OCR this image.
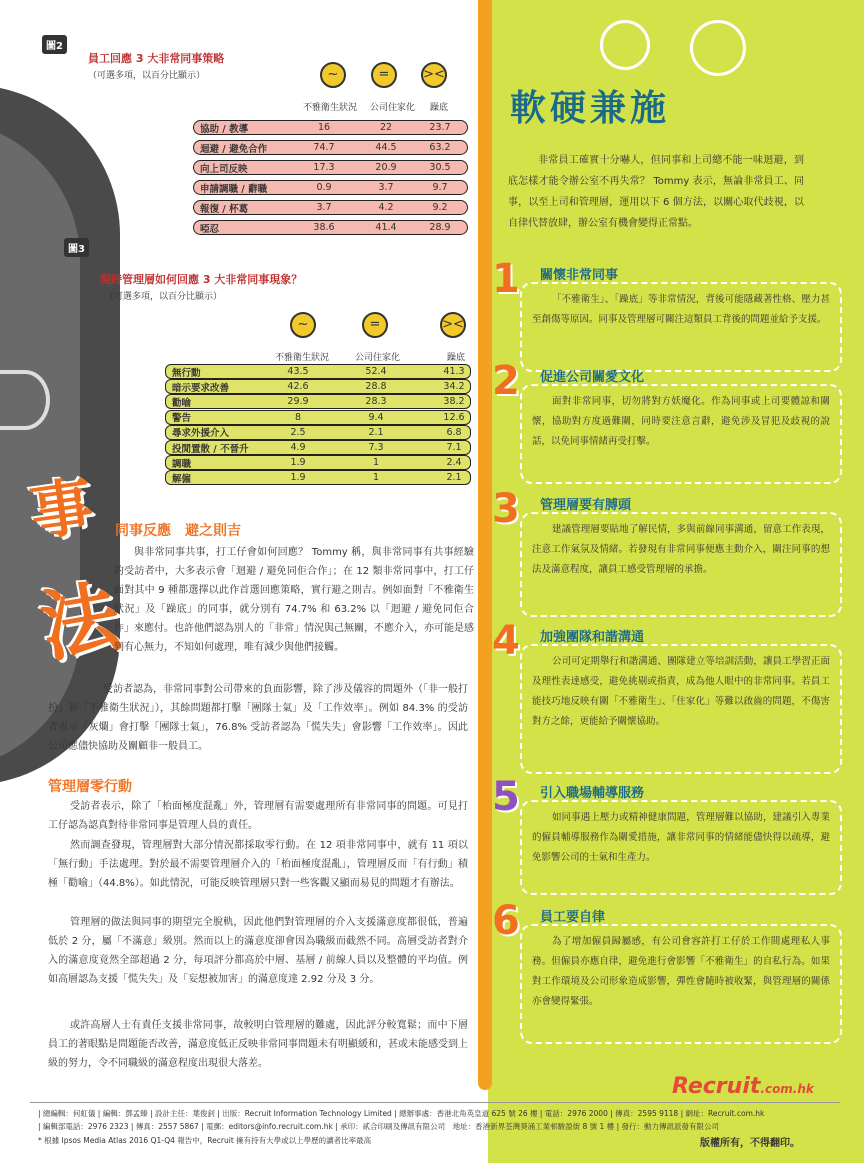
事
法
圖2
員工回應 3 大非常同事策略
（可選多項，以百分比顯示）	~	=	><
不雅衛生狀況 公司住家化 躁底
協助 / 教導	16	22	23.7
迴避 / 避免合作	74.7	44.5	63.2
向上司反映	17.3	20.9	30.5
申請調職 / 辭職	0.9	3.7	9.7
報復 / 杯葛	3.7	4.2	9.2
啞忍	38.6	41.4	28.9
圖3
現時管理層如何回應 3 大非常同事現象？
（可選多項，以百分比顯示）
~	=	><
不雅衛生狀況	公司住家化	躁底
無行動	43.5	52.4	41.3
暗示要求改善	42.6	28.8	34.2
勸喻	29.9	28.3	38.2
警告	8	9.4	12.6
尋求外援介入	2.5	2.1	6.8
投閒置散 / 不晉升	4.9	7.3	7.1
調職	1.9	1	2.4
解僱	1.9	1	2.1
同事反應　避之則吉
與非常同事共事，打工仔會如何回應？ Tommy 稱，與非常同事有共事經驗的受訪者中，大多表示會「迴避 / 避免同佢合作」；在 12 類非常同事中，打工仔面對其中 9 種都選擇以此作首選回應策略，實行避之則吉。例如面對「不雅衛生狀況」及「躁底」的同事，就分別有 74.7% 和 63.2% 以「迴避 / 避免同佢合作」來應付。也許他們認為別人的「非常」情況與己無關，不應介入，亦可能是感到有心無力，不知如何處理，唯有減少與他們接觸。
受訪者認為，非常同事對公司帶來的負面影響，除了涉及儀容的問題外（「非一般打扮」和「不雅衛生狀況」），其餘問題都打擊「團隊士氣」及「工作效率」。例如 84.3% 的受訪者表示「灰爛」會打擊「團隊士氣」，76.8% 受訪者認為「慌失失」會影響「工作效率」。因此公司應儘快協助及關顧非一般員工。
管理層零行動
受訪者表示，除了「枱面極度混亂」外，管理層有需要處理所有非常同事的問題。可見打工仔認為認真對待非常同事是管理人員的責任。
然而調查發現，管理層對大部分情況都採取零行動。在 12 項非常同事中，就有 11 項以「無行動」手法處理。對於最不需要管理層介入的「枱面極度混亂」，管理層反而「有行動」積極「勸喻」（44.8%）。如此情況，可能反映管理層只對一些客觀又顯而易見的問題才有辦法。
管理層的做法與同事的期望完全脫軌，因此他們對管理層的介入支援滿意度都很低，普遍低於 2 分，屬「不滿意」級別。然而以上的滿意度卻會因為職級而截然不同。高層受訪者對介入的滿意度竟然全部超過 2 分，每項評分都高於中層、基層 / 前線人員以及整體的平均值。例如高層認為支援「慌失失」及「妄想被加害」的滿意度達 2.92 分及 3 分。
或許高層人士有責任支援非常同事，故較明白管理層的難處，因此評分較寬鬆；而中下層員工的著眼點是問題能否改善，滿意度低正反映非常同事問題未有明顯緩和，甚或未能感受到上級的努力，令不同職級的滿意程度出現很大落差。
軟硬兼施
非常員工確實十分嚇人，但同事和上司總不能一味迴避，到底怎樣才能令辦公室不再失常？ Tommy 表示，無論非常員工、同事，以至上司和管理層，運用以下 6 個方法，以關心取代歧視，以自律代替放肆，辦公室有機會變得正常點。
1 關懷非常同事
「不雅衛生」、「躁底」等非常情況，背後可能隱藏著性格、壓力甚至創傷等原因。同事及管理層可關注這類員工背後的問題並給予支援。
2 促進公司關愛文化
面對非常同事，切勿將對方妖魔化。作為同事或上司要體諒和關懷，協助對方度過難關，同時要注意言辭，避免涉及冒犯及歧視的說話，以免同事情緒再受打擊。
3 管理層要有膊頭
建議管理層要貼地了解民情，多與前線同事溝通，留意工作表現，注意工作氣氛及情緒。若發現有非常同事便應主動介入，關注同事的想法及滿意程度，讓員工感受管理層的承擔。
4 加強團隊和諧溝通
公司可定期舉行和諧溝通、團隊建立等培訓活動，讓員工學習正面及理性表達感受，避免挑剔或指責，成為他人眼中的非常同事。若員工能技巧地反映有關「不雅衛生」、「住家化」等難以啟齒的問題，不傷害對方之餘，更能給予關懷協助。
5 引入職場輔導服務
如同事遇上壓力或精神健康問題，管理層難以協助，建議引入專業的僱員輔導服務作為關愛措施，讓非常同事的情緒能儘快得以疏導，避免影響公司的士氣和生產力。
6 員工要自律
為了增加僱員歸屬感，有公司會容許打工仔於工作間處理私人事務。但僱員亦應自律，避免進行會影響「不雅衛生」的自私行為。如果對工作環境及公司形象造成影響，彈性會隨時被收緊，與管理層的關係亦會變得緊張。
Recruit.com.hk
| 總編輯：何虹儀 | 編輯：鄧孟臻 | 設計主任：葉俊釗 | 出版：Recruit Information Technology Limited | 總辦事處：香港北角英皇道 625 號 26 樓 | 電話：2976 2000 | 傳真：2595 9118 | 網址：Recruit.com.hk
| 編輯部電話：2976 2323 | 傳真：2557 5867 | 電郵：editors@info.recruit.com.hk | 承印：貳合印刷及傳訊有限公司　地址：香港新界荃灣葵涌工業邨駿盈街 8 號 1 樓 | 發行：動力傳訊派發有限公司
* 根據 Ipsos Media Atlas 2016 Q1-Q4 報告中，Recruit 擁有持有大學或以上學歷的讀者比率最高	版權所有，不得翻印。
